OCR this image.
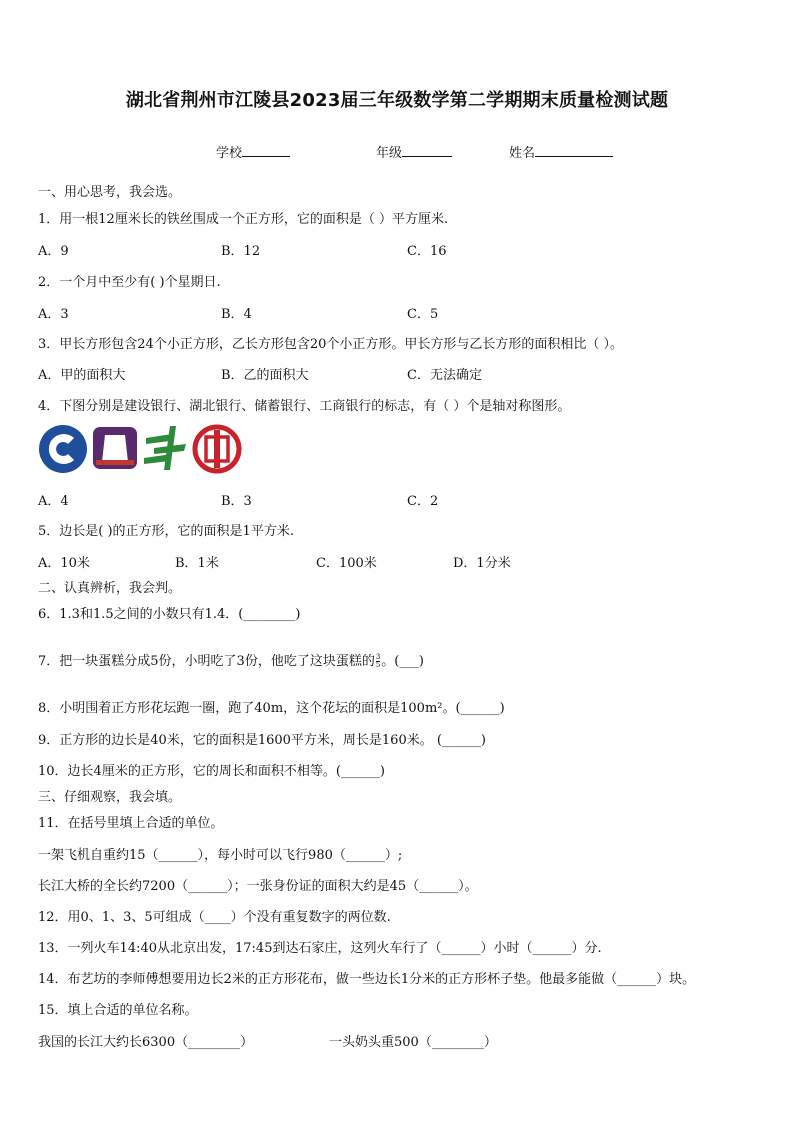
湖北省荆州市江陵县2023届三年级数学第二学期期末质量检测试题
学校	年级	姓名
一、用心思考，我会选。
1．用一根12厘米长的铁丝围成一个正方形，它的面积是（ ）平方厘米.
A．9	B．12	C．16
2．一个月中至少有( )个星期日.
A．3	B．4	C．5
3．甲长方形包含24个小正方形，乙长方形包含20个小正方形。甲长方形与乙长方形的面积相比（ ）。
A．甲的面积大	B．乙的面积大	C．无法确定
4．下图分别是建设银行、湖北银行、储蓄银行、工商银行的标志，有（ ）个是轴对称图形。
A．4	B．3	C．2
5．边长是( )的正方形，它的面积是1平方米.
A．10米	B．1米	C．100米	D．1分米
二、认真辨析，我会判。
6．1.3和1.5之间的小数只有1.4．(________)
7．把一块蛋糕分成5份，小明吃了3份，他吃了这块蛋糕的 $\frac{3}{5}$ 。(___)
8．小明围着正方形花坛跑一圈，跑了40m，这个花坛的面积是100m²。(______)
9．正方形的边长是40米，它的面积是1600平方米，周长是160米。 (______)
10．边长4厘米的正方形，它的周长和面积不相等。(______)
三、仔细观察，我会填。
11．在括号里填上合适的单位。
一架飞机自重约15（______），每小时可以飞行980（______）;
长江大桥的全长约7200（______）；一张身份证的面积大约是45（______）。
12．用0、1、3、5可组成（____）个没有重复数字的两位数.
13．一列火车14:40从北京出发，17:45到达石家庄，这列火车行了（______）小时（______）分.
14．布艺坊的李师傅想要用边长2米的正方形花布，做一些边长1分米的正方形杯子垫。他最多能做（______）块。
15．填上合适的单位名称。
我国的长江大约长6300（________）	一头奶头重500（________）
